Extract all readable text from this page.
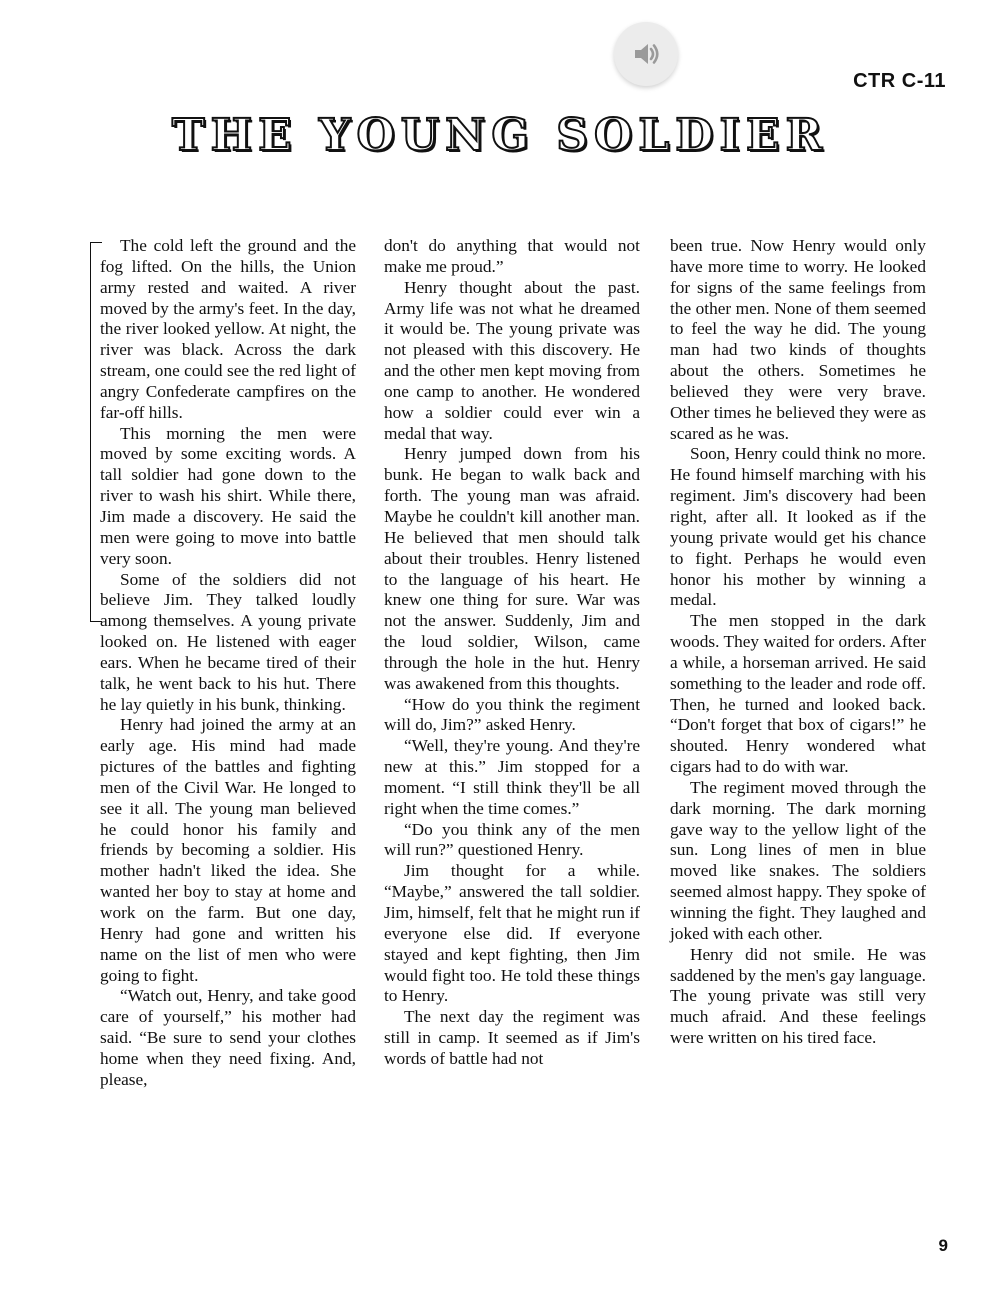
CTR C-11
THE YOUNG SOLDIER

The cold left the ground and the fog lifted. On the hills, the Union army rested and waited. A river moved by the army's feet. In the day, the river looked yellow. At night, the river was black. Across the dark stream, one could see the red light of angry Confederate campfires on the far-off hills.

This morning the men were moved by some exciting words. A tall soldier had gone down to the river to wash his shirt. While there, Jim made a discovery. He said the men were going to move into battle very soon.

Some of the soldiers did not believe Jim. They talked loudly among themselves. A young private looked on. He listened with eager ears. When he became tired of their talk, he went back to his hut. There he lay quietly in his bunk, thinking.

Henry had joined the army at an early age. His mind had made pictures of the battles and fighting men of the Civil War. He longed to see it all. The young man believed he could honor his family and friends by becoming a soldier. His mother hadn't liked the idea. She wanted her boy to stay at home and work on the farm. But one day, Henry had gone and written his name on the list of men who were going to fight.

“Watch out, Henry, and take good care of yourself,” his mother had said. “Be sure to send your clothes home when they need fixing. And, please,

don't do anything that would not make me proud.”

Henry thought about the past. Army life was not what he dreamed it would be. The young private was not pleased with this discovery. He and the other men kept moving from one camp to another. He wondered how a soldier could ever win a medal that way.

Henry jumped down from his bunk. He began to walk back and forth. The young man was afraid. Maybe he couldn't kill another man. He believed that men should talk about their troubles. Henry listened to the language of his heart. He knew one thing for sure. War was not the answer. Suddenly, Jim and the loud soldier, Wilson, came through the hole in the hut. Henry was awakened from this thoughts.

“How do you think the regiment will do, Jim?” asked Henry.

“Well, they're young. And they're new at this.” Jim stopped for a moment. “I still think they'll be all right when the time comes.”

“Do you think any of the men will run?” questioned Henry.

Jim thought for a while. “Maybe,” answered the tall soldier. Jim, himself, felt that he might run if everyone else did. If everyone stayed and kept fighting, then Jim would fight too. He told these things to Henry.

The next day the regiment was still in camp. It seemed as if Jim's words of battle had not

been true. Now Henry would only have more time to worry. He looked for signs of the same feelings from the other men. None of them seemed to feel the way he did. The young man had two kinds of thoughts about the others. Sometimes he believed they were very brave. Other times he believed they were as scared as he was.

Soon, Henry could think no more. He found himself marching with his regiment. Jim's discovery had been right, after all. It looked as if the young private would get his chance to fight. Perhaps he would even honor his mother by winning a medal.

The men stopped in the dark woods. They waited for orders. After a while, a horseman arrived. He said something to the leader and rode off. Then, he turned and looked back. “Don't forget that box of cigars!” he shouted. Henry wondered what cigars had to do with war.

The regiment moved through the dark morning. The dark morning gave way to the yellow light of the sun. Long lines of men in blue moved like snakes. The soldiers seemed almost happy. They spoke of winning the fight. They laughed and joked with each other.

Henry did not smile. He was saddened by the men's gay language. The young private was still very much afraid. And these feelings were written on his tired face.

9
